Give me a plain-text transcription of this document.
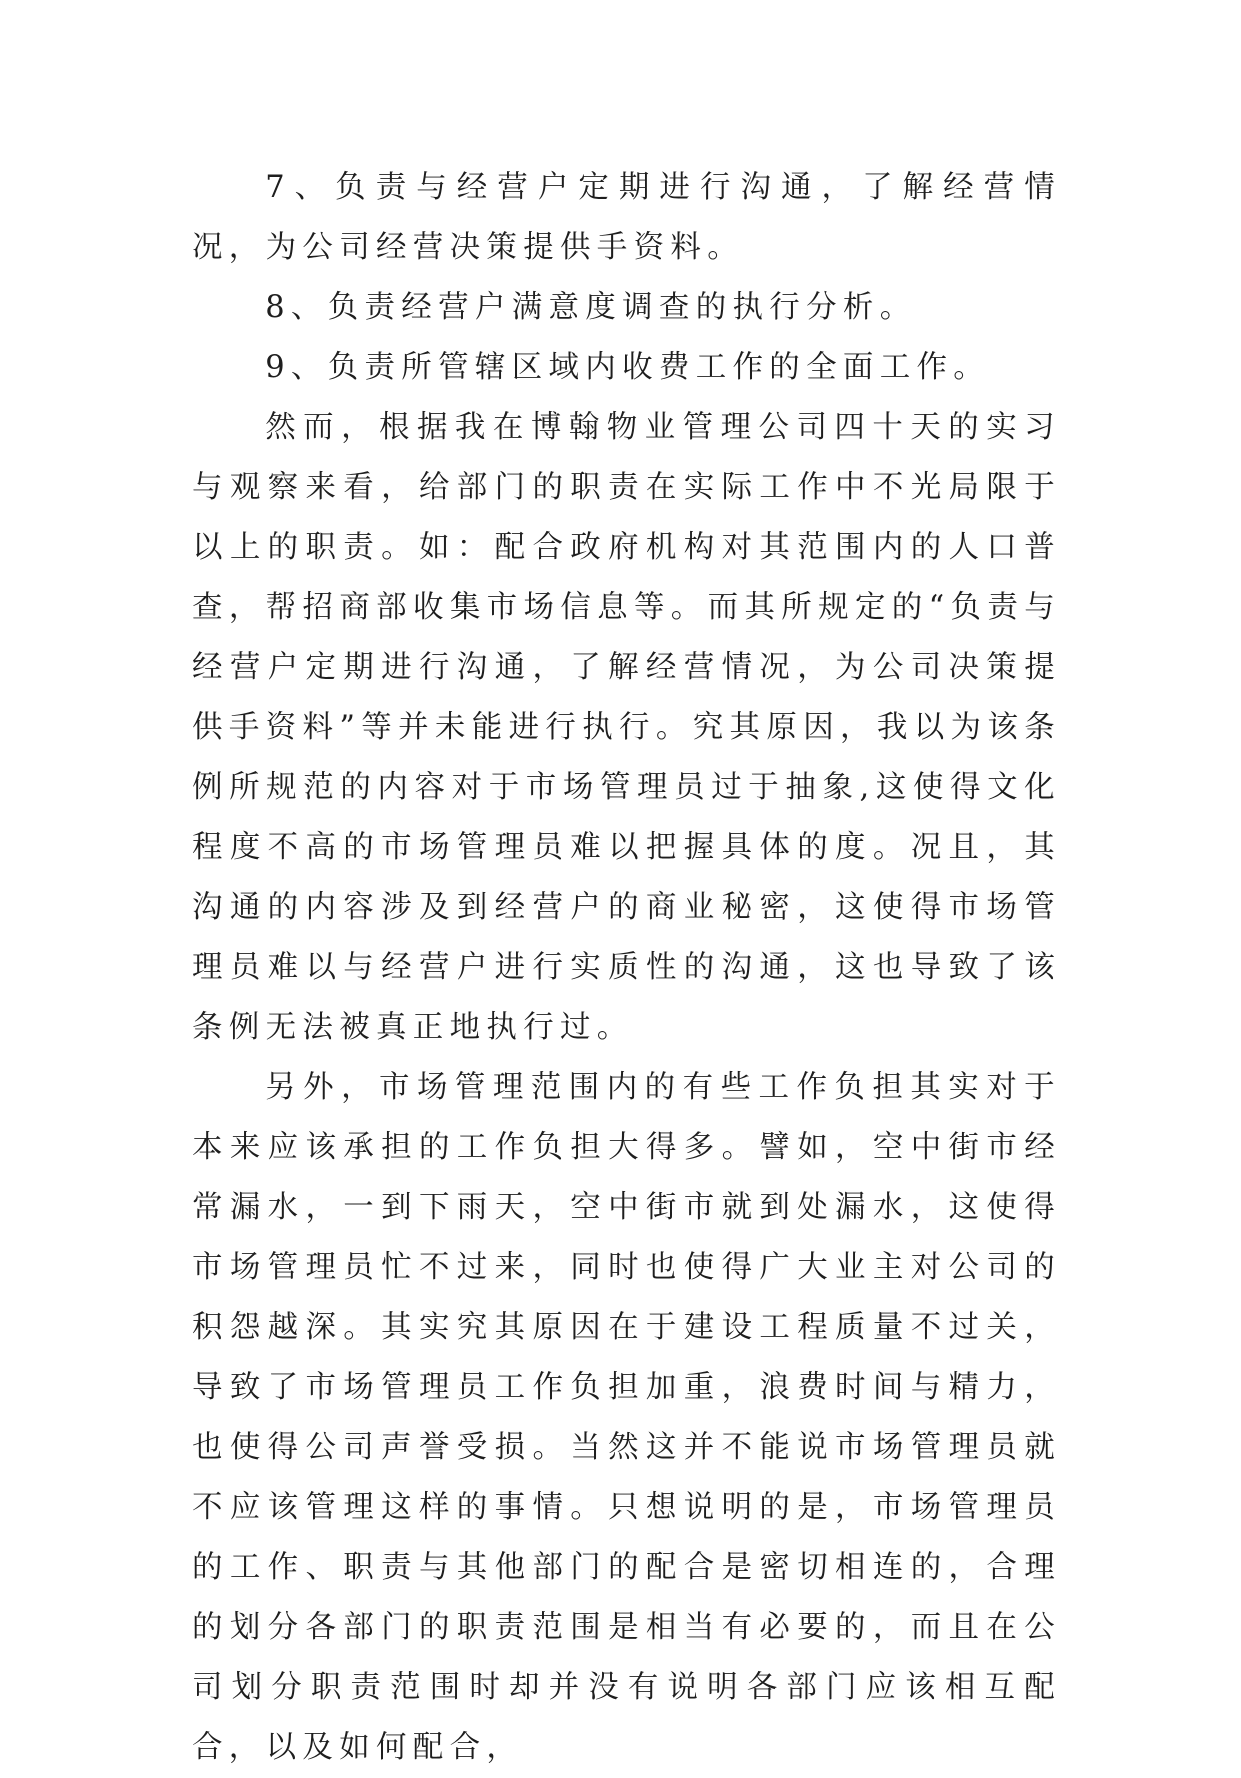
7、负责与经营户定期进行沟通，了解经营情况，为公司经营决策提供手资料。

8、负责经营户满意度调查的执行分析。

9、负责所管辖区域内收费工作的全面工作。

然而，根据我在博翰物业管理公司四十天的实习与观察来看，给部门的职责在实际工作中不光局限于以上的职责。如：配合政府机构对其范围内的人口普查，帮招商部收集市场信息等。而其所规定的“负责与经营户定期进行沟通，了解经营情况，为公司决策提供手资料”等并未能进行执行。究其原因，我以为该条例所规范的内容对于市场管理员过于抽象,这使得文化程度不高的市场管理员难以把握具体的度。况且，其沟通的内容涉及到经营户的商业秘密，这使得市场管理员难以与经营户进行实质性的沟通，这也导致了该条例无法被真正地执行过。

另外，市场管理范围内的有些工作负担其实对于本来应该承担的工作负担大得多。譬如，空中街市经常漏水，一到下雨天，空中街市就到处漏水，这使得市场管理员忙不过来，同时也使得广大业主对公司的积怨越深。其实究其原因在于建设工程质量不过关，导致了市场管理员工作负担加重，浪费时间与精力，也使得公司声誉受损。当然这并不能说市场管理员就不应该管理这样的事情。只想说明的是，市场管理员的工作、职责与其他部门的配合是密切相连的，合理的划分各部门的职责范围是相当有必要的，而且在公司划分职责范围时却并没有说明各部门应该相互配合，以及如何配合，
